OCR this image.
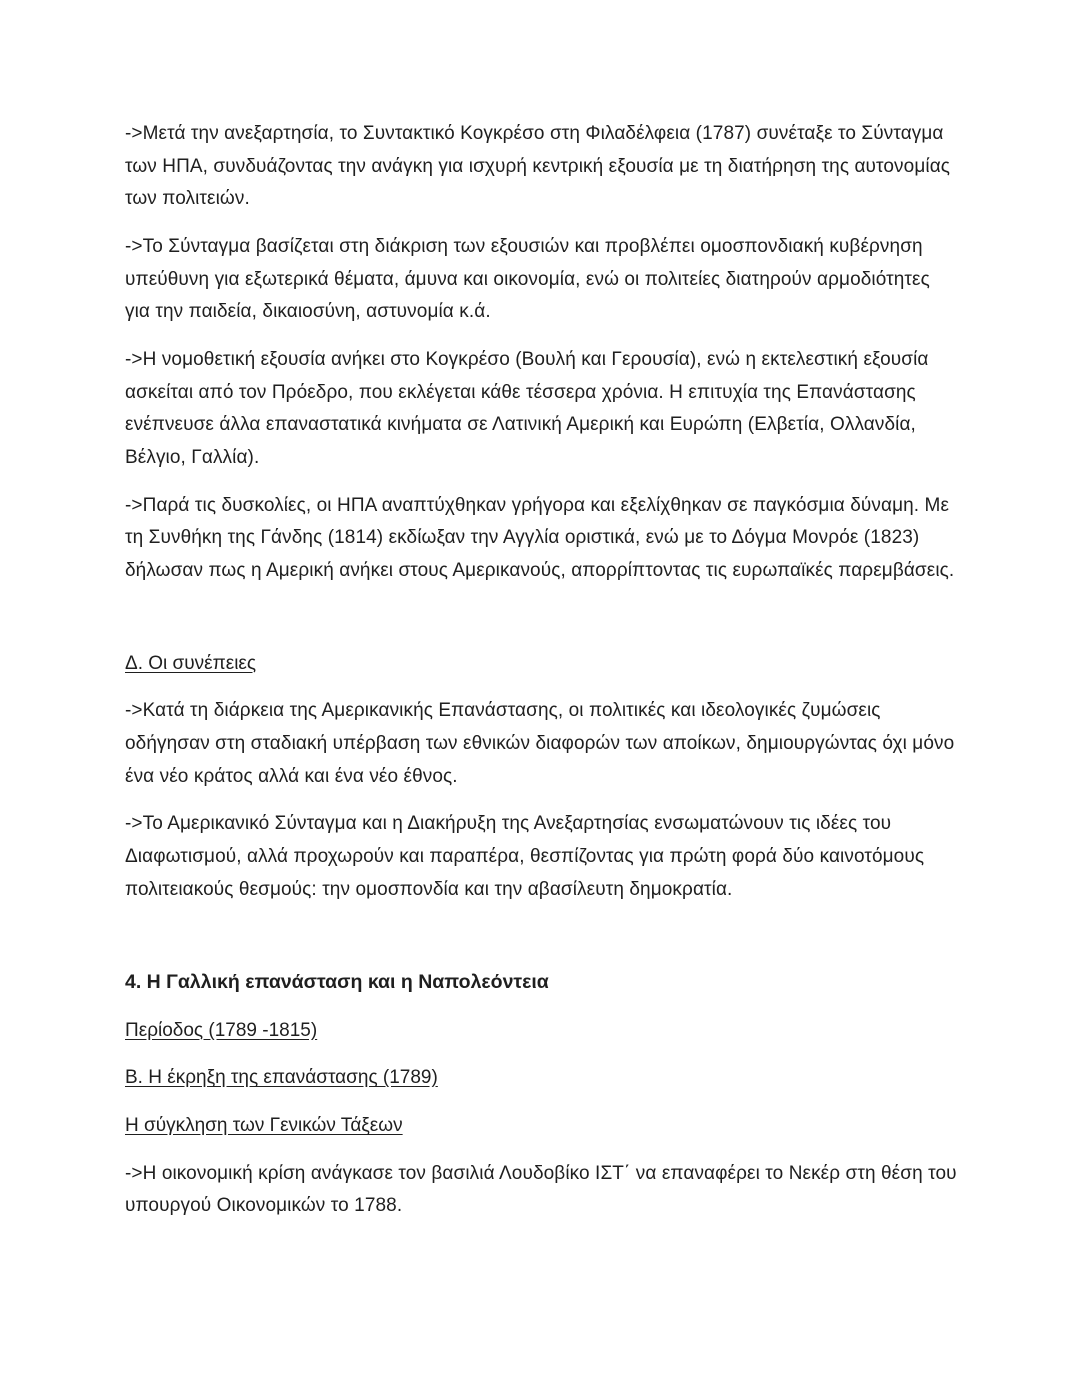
->Μετά την ανεξαρτησία, το Συντακτικό Κογκρέσο στη Φιλαδέλφεια (1787) συνέταξε το Σύνταγμα των ΗΠΑ, συνδυάζοντας την ανάγκη για ισχυρή κεντρική εξουσία με τη διατήρηση της αυτονομίας των πολιτειών.

->Το Σύνταγμα βασίζεται στη διάκριση των εξουσιών και προβλέπει ομοσπονδιακή κυβέρνηση υπεύθυνη για εξωτερικά θέματα, άμυνα και οικονομία, ενώ οι πολιτείες διατηρούν αρμοδιότητες για την παιδεία, δικαιοσύνη, αστυνομία κ.ά.

->Η νομοθετική εξουσία ανήκει στο Κογκρέσο (Βουλή και Γερουσία), ενώ η εκτελεστική εξουσία ασκείται από τον Πρόεδρο, που εκλέγεται κάθε τέσσερα χρόνια. Η επιτυχία της Επανάστασης ενέπνευσε άλλα επαναστατικά κινήματα σε Λατινική Αμερική και Ευρώπη (Ελβετία, Ολλανδία, Βέλγιο, Γαλλία).

->Παρά τις δυσκολίες, οι ΗΠΑ αναπτύχθηκαν γρήγορα και εξελίχθηκαν σε παγκόσμια δύναμη. Με τη Συνθήκη της Γάνδης (1814) εκδίωξαν την Αγγλία οριστικά, ενώ με το Δόγμα Μονρόε (1823) δήλωσαν πως η Αμερική ανήκει στους Αμερικανούς, απορρίπτοντας τις ευρωπαϊκές παρεμβάσεις.

Δ. Οι συνέπειες

->Κατά τη διάρκεια της Αμερικανικής Επανάστασης, οι πολιτικές και ιδεολογικές ζυμώσεις οδήγησαν στη σταδιακή υπέρβαση των εθνικών διαφορών των αποίκων, δημιουργώντας όχι μόνο ένα νέο κράτος αλλά και ένα νέο έθνος.

->Το Αμερικανικό Σύνταγμα και η Διακήρυξη της Ανεξαρτησίας ενσωματώνουν τις ιδέες του Διαφωτισμού, αλλά προχωρούν και παραπέρα, θεσπίζοντας για πρώτη φορά δύο καινοτόμους πολιτειακούς θεσμούς: την ομοσπονδία και την αβασίλευτη δημοκρατία.

4. Η Γαλλική επανάσταση και η Ναπολεόντεια

Περίοδος (1789 -1815)

Β. Η έκρηξη της επανάστασης (1789)

Η σύγκληση των Γενικών Τάξεων

->Η οικονομική κρίση ανάγκασε τον βασιλιά Λουδοβίκο ΙΣΤ΄ να επαναφέρει το Νεκέρ στη θέση του υπουργού Οικονομικών το 1788.
